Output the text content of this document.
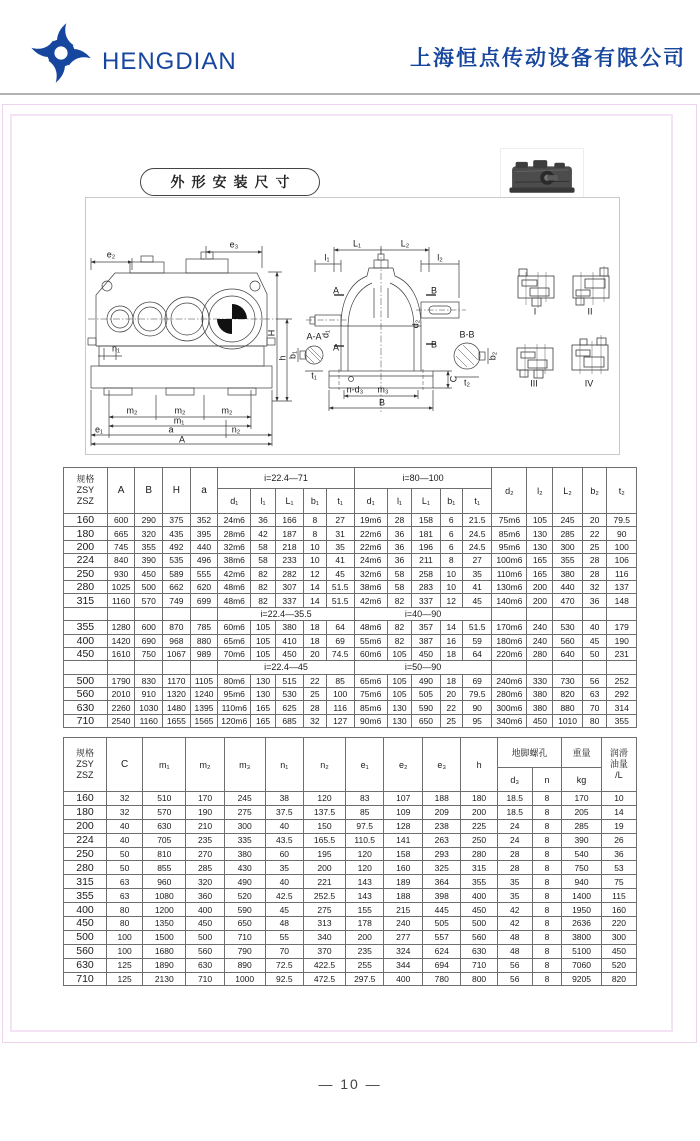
HENGDIAN	上海恒点传动设备有限公司
外形安装尺寸
e₂
e₃
H
h
n₁
m₂	m₂	m₂
m₁
e₁	a	n₂
A
A-A
b₁
t₁
L₁	L₂
l₁	l₂
A
A
B
B
d₁
d₂
C
n-d₃ m₃
B
B-B
b₂
t₂
I	II
III	IV
规格
ZSY
ZSZ	A	B	H	a	i=22.4—71					i=80—100					d₂	l₂	L₂	b₂	t₂
					d₁	l₁	L₁	b₁	t₁	d₁	l₁	L₁	b₁	t₁					
160	600	290	375	352	24m6	36	166	8	27	19m6	28	158	6	21.5	75m6	105	245	20	79.5
180	665	320	435	395	28m6	42	187	8	31	22m6	36	181	6	24.5	85m6	130	285	22	90
200	745	355	492	440	32m6	58	218	10	35	22m6	36	196	6	24.5	95m6	130	300	25	100
224	840	390	535	496	38m6	58	233	10	41	24m6	36	211	8	27	100m6	165	355	28	106
250	930	450	589	555	42m6	82	282	12	45	32m6	58	258	10	35	110m6	165	380	28	116
280	1025	500	662	620	48m6	82	307	14	51.5	38m6	58	283	10	41	130m6	200	440	32	137
315	1160	570	749	699	48m6	82	337	14	51.5	42m6	82	337	12	45	140m6	200	470	36	148
					i=22.4—35.5					i=40—90									
355	1280	600	870	785	60m6	105	380	18	64	48m6	82	357	14	51.5	170m6	240	530	40	179
400	1420	690	968	880	65m6	105	410	18	69	55m6	82	387	16	59	180m6	240	560	45	190
450	1610	750	1067	989	70m6	105	450	20	74.5	60m6	105	450	18	64	220m6	280	640	50	231
					i=22.4—45					i=50—90									
500	1790	830	1170	1105	80m6	130	515	22	85	65m6	105	490	18	69	240m6	330	730	56	252
560	2010	910	1320	1240	95m6	130	530	25	100	75m6	105	505	20	79.5	280m6	380	820	63	292
630	2260	1030	1480	1395	110m6	165	625	28	116	85m6	130	590	22	90	300m6	380	880	70	314
710	2540	1160	1655	1565	120m6	165	685	32	127	90m6	130	650	25	95	340m6	450	1010	80	355
规格
ZSY
ZSZ	C	m₁	m₂	m₃	n₁	n₂	e₁	e₂	e₃	h	地脚螺孔		重量	润滑
油量
/L

											d₃	n	kg	
160	32	510	170	245	38	120	83	107	188	180	18.5	8	170	10
180	32	570	190	275	37.5	137.5	85	109	209	200	18.5	8	205	14
200	40	630	210	300	40	150	97.5	128	238	225	24	8	285	19
224	40	705	235	335	43.5	165.5	110.5	141	263	250	24	8	390	26
250	50	810	270	380	60	195	120	158	293	280	28	8	540	36
280	50	855	285	430	35	200	120	160	325	315	28	8	750	53
315	63	960	320	490	40	221	143	189	364	355	35	8	940	75
355	63	1080	360	520	42.5	252.5	143	188	398	400	35	8	1400	115
400	80	1200	400	590	45	275	155	215	445	450	42	8	1950	160
450	80	1350	450	650	48	313	178	240	505	500	42	8	2636	220
500	100	1500	500	710	55	340	200	277	557	560	48	8	3800	300
560	100	1680	560	790	70	370	235	324	624	630	48	8	5100	450
630	125	1890	630	890	72.5	422.5	255	344	694	710	56	8	7060	520
710	125	2130	710	1000	92.5	472.5	297.5	400	780	800	56	8	9205	820
— 10 —
